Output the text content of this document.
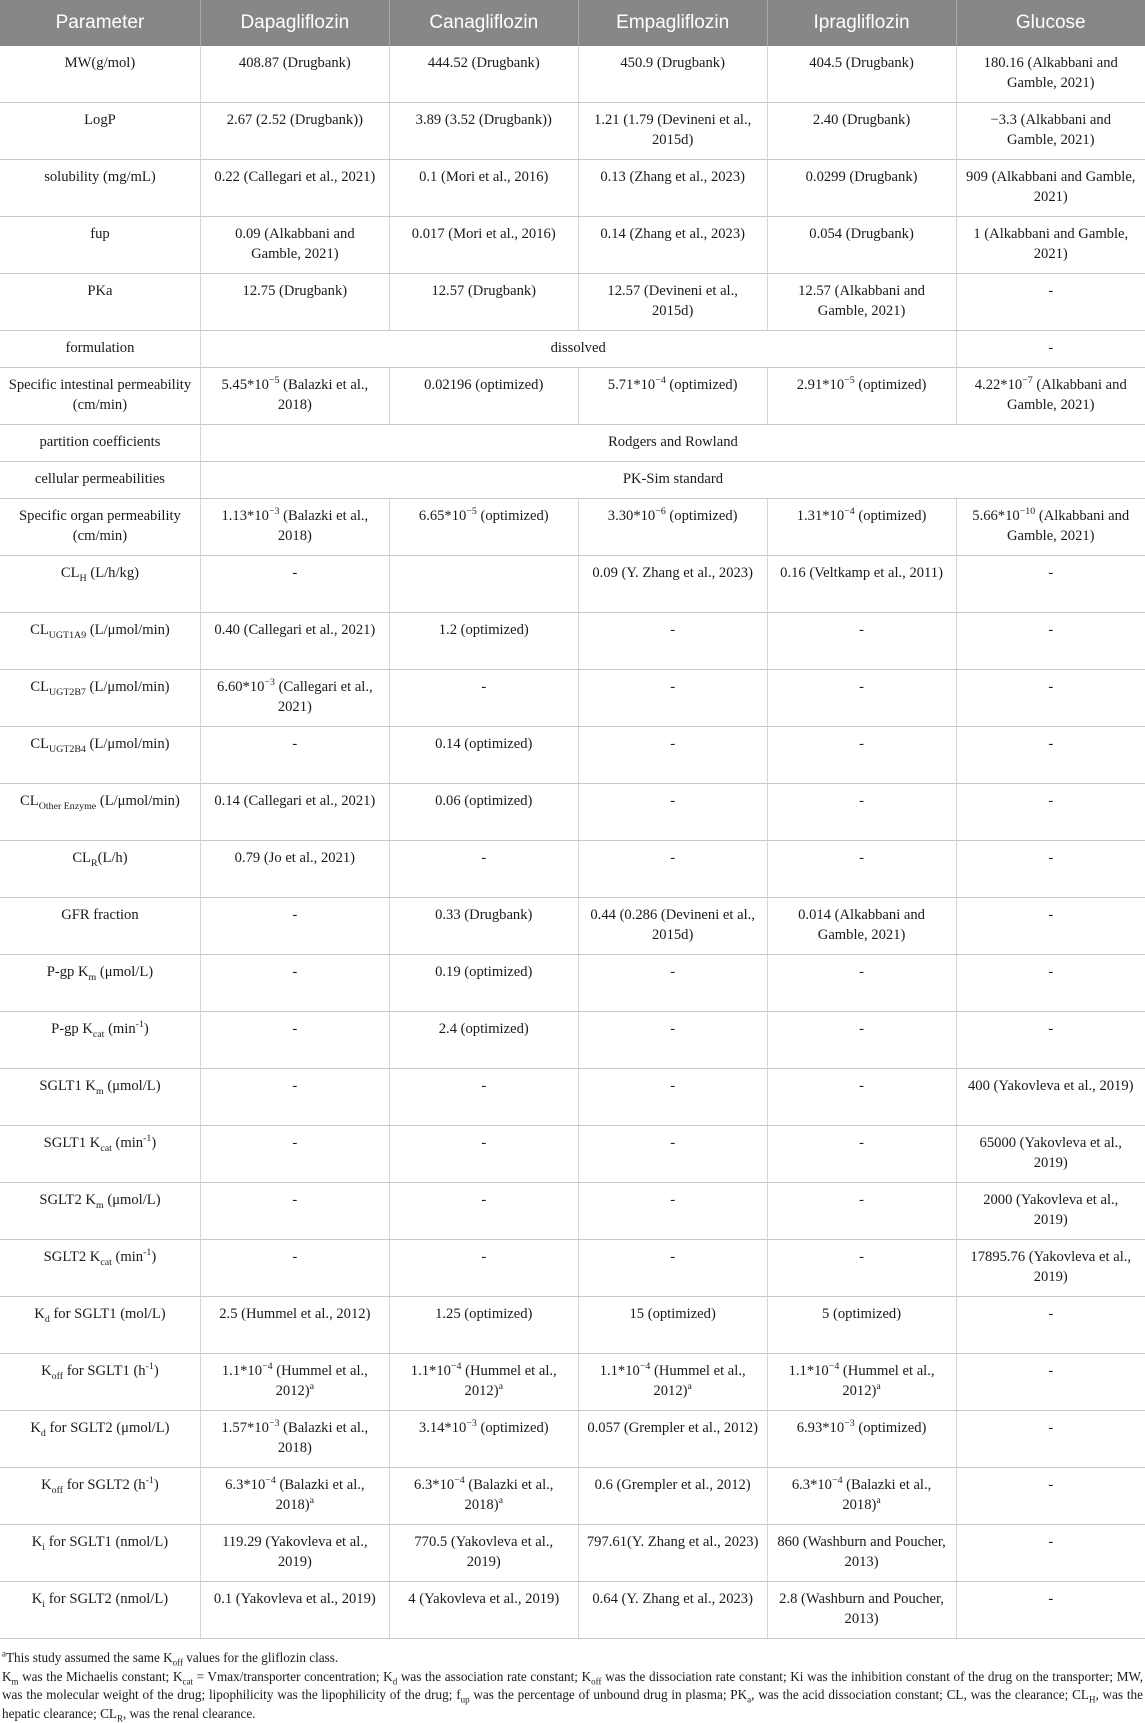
Parameter	Dapagliflozin	Canagliflozin	Empagliflozin	Ipragliflozin	Glucose
MW(g/mol)	408.87 (Drugbank)	444.52 (Drugbank)	450.9 (Drugbank)	404.5 (Drugbank)	180.16 (Alkabbani and Gamble, 2021)
LogP	2.67 (2.52 (Drugbank))	3.89 (3.52 (Drugbank))	1.21 (1.79 (Devineni et al., 2015d)	2.40 (Drugbank)	−3.3 (Alkabbani and Gamble, 2021)
solubility (mg/mL)	0.22 (Callegari et al., 2021)	0.1 (Mori et al., 2016)	0.13 (Zhang et al., 2023)	0.0299 (Drugbank)	909 (Alkabbani and Gamble, 2021)
fup	0.09 (Alkabbani and Gamble, 2021)	0.017 (Mori et al., 2016)	0.14 (Zhang et al., 2023)	0.054 (Drugbank)	1 (Alkabbani and Gamble, 2021)
PKa	12.75 (Drugbank)	12.57 (Drugbank)	12.57 (Devineni et al., 2015d)	12.57 (Alkabbani and Gamble, 2021)	-
formulation	dissolved				-
Specific intestinal permeability (cm/min)	$5.45*10^{-5}$ (Balazki et al., 2018)	0.02196 (optimized)	$5.71*10^{-4}$ (optimized)	$2.91*10^{-5}$ (optimized)	$4.22*10^{-7}$ (Alkabbani and Gamble, 2021)
partition coefficients	Rodgers and Rowland				
cellular permeabilities	PK-Sim standard				
Specific organ permeability (cm/min)	$1.13*10^{-3}$ (Balazki et al., 2018)	$6.65*10^{-5}$ (optimized)	$3.30*10^{-6}$ (optimized)	$1.31*10^{-4}$ (optimized)	$5.66*10^{-10}$ (Alkabbani and Gamble, 2021)
$CL_H$ (L/h/kg)	-		0.09 (Y. Zhang et al., 2023)	0.16 (Veltkamp et al., 2011)	-
$CL_{UGT1A9}$ (L/μmol/min)	0.40 (Callegari et al., 2021)	1.2 (optimized)	-	-	-
$CL_{UGT2B7}$ (L/μmol/min)	$6.60*10^{-3}$ (Callegari et al., 2021)	-	-	-	-
$CL_{UGT2B4}$ (L/μmol/min)	-	0.14 (optimized)	-	-	-
$CL_{Other Enzyme}$ (L/μmol/min)	0.14 (Callegari et al., 2021)	0.06 (optimized)	-	-	-
$CL_R(L/h)$	0.79 (Jo et al., 2021)	-	-	-	-
GFR fraction	-	0.33 (Drugbank)	0.44 (0.286 (Devineni et al., 2015d)	0.014 (Alkabbani and Gamble, 2021)	-
P-gp $K_m$ (μmol/L)	-	0.19 (optimized)	-	-	-
P-gp $K_{cat}$ $(\min^{-1})$	-	2.4 (optimized)	-	-	-
SGLT1 $K_m$ (μmol/L)	-	-	-	-	400 (Yakovleva et al., 2019)
SGLT1 $K_{cat}$ $(\min^{-1})$	-	-	-	-	65000 (Yakovleva et al., 2019)
SGLT2 $K_m$ (μmol/L)	-	-	-	-	2000 (Yakovleva et al., 2019)
SGLT2 $K_{cat}$ $(\min^{-1})$	-	-	-	-	17895.76 (Yakovleva et al., 2019)
$K_d$ for SGLT1 (mol/L)	2.5 (Hummel et al., 2012)	1.25 (optimized)	15 (optimized)	5 (optimized)	-
$K_{off}$ for SGLT1 $(h^{-1})$	$1.1*10^{-4}$ (Hummel et al., 2012)$^a$	$1.1*10^{-4}$ (Hummel et al., 2012)$^a$	$1.1*10^{-4}$ (Hummel et al., 2012)$^a$	$1.1*10^{-4}$ (Hummel et al., 2012)$^a$	-
$K_d$ for SGLT2 (μmol/L)	$1.57*10^{-3}$ (Balazki et al., 2018)	$3.14*10^{-3}$ (optimized)	0.057 (Grempler et al., 2012)	$6.93*10^{-3}$ (optimized)	-
$K_{off}$ for SGLT2 $(h^{-1})$	$6.3*10^{-4}$ (Balazki et al., 2018)$^a$	$6.3*10^{-4}$ (Balazki et al., 2018)$^a$	0.6 (Grempler et al., 2012)	$6.3*10^{-4}$ (Balazki et al., 2018)$^a$	-
$K_i$ for SGLT1 (nmol/L)	119.29 (Yakovleva et al., 2019)	770.5 (Yakovleva et al., 2019)	797.61(Y. Zhang et al., 2023)	860 (Washburn and Poucher, 2013)	-
$K_i$ for SGLT2 (nmol/L)	0.1 (Yakovleva et al., 2019)	4 (Yakovleva et al., 2019)	0.64 (Y. Zhang et al., 2023)	2.8 (Washburn and Poucher, 2013)	-

$^a$This study assumed the same $K_{off}$ values for the gliflozin class.

$K_m$ was the Michaelis constant; $K_{cat}$ = Vmax/transporter concentration; $K_d$ was the association rate constant; $K_{off}$ was the dissociation rate constant; Ki was the inhibition constant of the drug on the transporter; MW, was the molecular weight of the drug; lipophilicity was the lipophilicity of the drug; $f_{up}$ was the percentage of unbound drug in plasma; $PK_a$, was the acid dissociation constant; CL, was the clearance; $CL_H$, was the hepatic clearance; $CL_R$, was the renal clearance.
